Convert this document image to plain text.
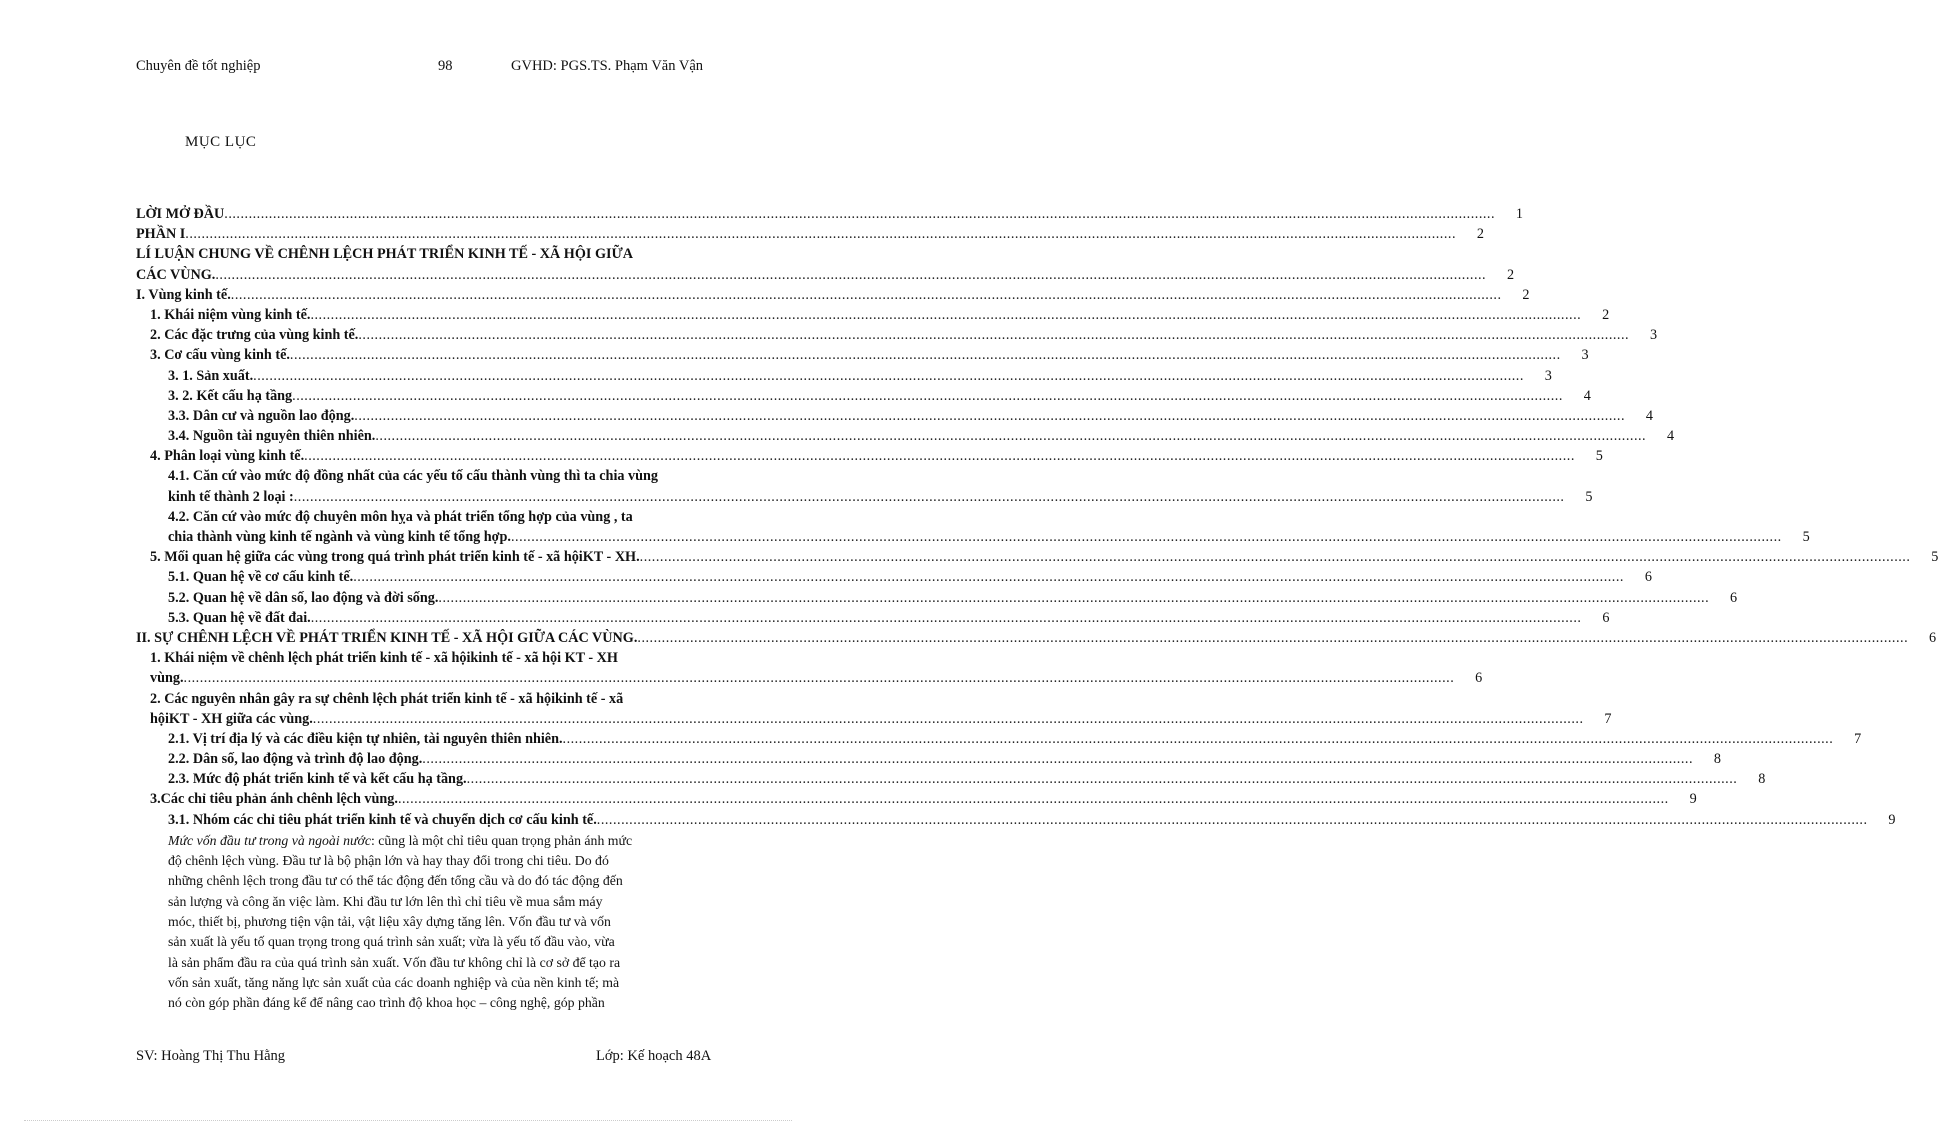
Chuyên đề tốt nghiệp	98	GVHD: PGS.TS. Phạm Văn Vận
MỤC LỤC
LỜI MỞ ĐẦU ..........................................................................................................................................................................................................................................................................................................................	1
PHẦN I ..........................................................................................................................................................................................................................................................................................................................	2
LÍ LUẬN CHUNG VỀ CHÊNH LỆCH PHÁT TRIỂN KINH TẾ - XÃ HỘI GIỮA
CÁC VÙNG. ..........................................................................................................................................................................................................................................................................................................................	2
I. Vùng kinh tế. ..........................................................................................................................................................................................................................................................................................................................	2
1. Khái niệm vùng kinh tế. ..........................................................................................................................................................................................................................................................................................................................	2
2. Các đặc trưng của vùng kinh tế. ..........................................................................................................................................................................................................................................................................................................................	3
3. Cơ cấu vùng kinh tế. ..........................................................................................................................................................................................................................................................................................................................	3
3. 1. Sản xuất. ..........................................................................................................................................................................................................................................................................................................................	3
3. 2. Kết cấu hạ tầng ..........................................................................................................................................................................................................................................................................................................................	4
3.3. Dân cư và nguồn lao động. ..........................................................................................................................................................................................................................................................................................................................	4
3.4. Nguồn tài nguyên thiên nhiên. ..........................................................................................................................................................................................................................................................................................................................	4
4. Phân loại vùng kinh tế. ..........................................................................................................................................................................................................................................................................................................................	5
4.1. Căn cứ vào mức độ đồng nhất của các yếu tố cấu thành vùng thì ta chia vùng
kinh tế thành 2 loại : ..........................................................................................................................................................................................................................................................................................................................	5
4.2. Căn cứ vào mức độ chuyên môn hỵa và phát triển tổng hợp của vùng , ta
chia thành vùng kinh tế ngành và vùng kinh tế tổng hợp. ..........................................................................................................................................................................................................................................................................................................................	5
5. Mối quan hệ giữa các vùng trong quá trình phát triển kinh tế - xã hộiKT - XH. ..........................................................................................................................................................................................................................................................................................................................	5
5.1. Quan hệ về cơ cấu kinh tế. ..........................................................................................................................................................................................................................................................................................................................	6
5.2. Quan hệ về dân số, lao động và đời sống. ..........................................................................................................................................................................................................................................................................................................................	6
5.3. Quan hệ về đất đai. ..........................................................................................................................................................................................................................................................................................................................	6
II. SỰ CHÊNH LỆCH VỀ PHÁT TRIỂN KINH TẾ - XÃ HỘI GIỮA CÁC VÙNG. ..........................................................................................................................................................................................................................................................................................................................	6
1. Khái niệm về chênh lệch phát triển kinh tế - xã hộikinh tế - xã hội KT - XH
vùng. ..........................................................................................................................................................................................................................................................................................................................	6
2. Các nguyên nhân gây ra sự chênh lệch phát triển kinh tế - xã hộikinh tế - xã
hộiKT - XH giữa các vùng. ..........................................................................................................................................................................................................................................................................................................................	7
2.1. Vị trí địa lý và các điều kiện tự nhiên, tài nguyên thiên nhiên. ..........................................................................................................................................................................................................................................................................................................................	7
2.2. Dân số, lao động và trình độ lao động. ..........................................................................................................................................................................................................................................................................................................................	8
2.3. Mức độ phát triển kinh tế và kết cấu hạ tầng. ..........................................................................................................................................................................................................................................................................................................................	8
3.Các chỉ tiêu phản ánh chênh lệch vùng. ..........................................................................................................................................................................................................................................................................................................................	9
3.1. Nhóm các chỉ tiêu phát triển kinh tế và chuyển dịch cơ cấu kinh tế. ..........................................................................................................................................................................................................................................................................................................................	9
Mức vốn đầu tư trong và ngoài nước: cũng là một chỉ tiêu quan trọng phản ánh mức
độ chênh lệch vùng. Đầu tư là bộ phận lớn và hay thay đổi trong chi tiêu. Do đó
những chênh lệch trong đầu tư có thể tác động đến tổng cầu và do đó tác động đến
sản lượng và công ăn việc làm. Khi đầu tư lớn lên thì chỉ tiêu về mua sắm máy
móc, thiết bị, phương tiện vận tải, vật liệu xây dựng tăng lên. Vốn đầu tư và vốn
sản xuất là yếu tố quan trọng trong quá trình sản xuất; vừa là yếu tố đầu vào, vừa
là sản phẩm đầu ra của quá trình sản xuất. Vốn đầu tư không chỉ là cơ sở để tạo ra
vốn sản xuất, tăng năng lực sản xuất của các doanh nghiệp và của nền kinh tế; mà
nó còn góp phần đáng kể để nâng cao trình độ khoa học – công nghệ, góp phần
SV: Hoàng Thị Thu Hằng	Lớp: Kế hoạch 48A
